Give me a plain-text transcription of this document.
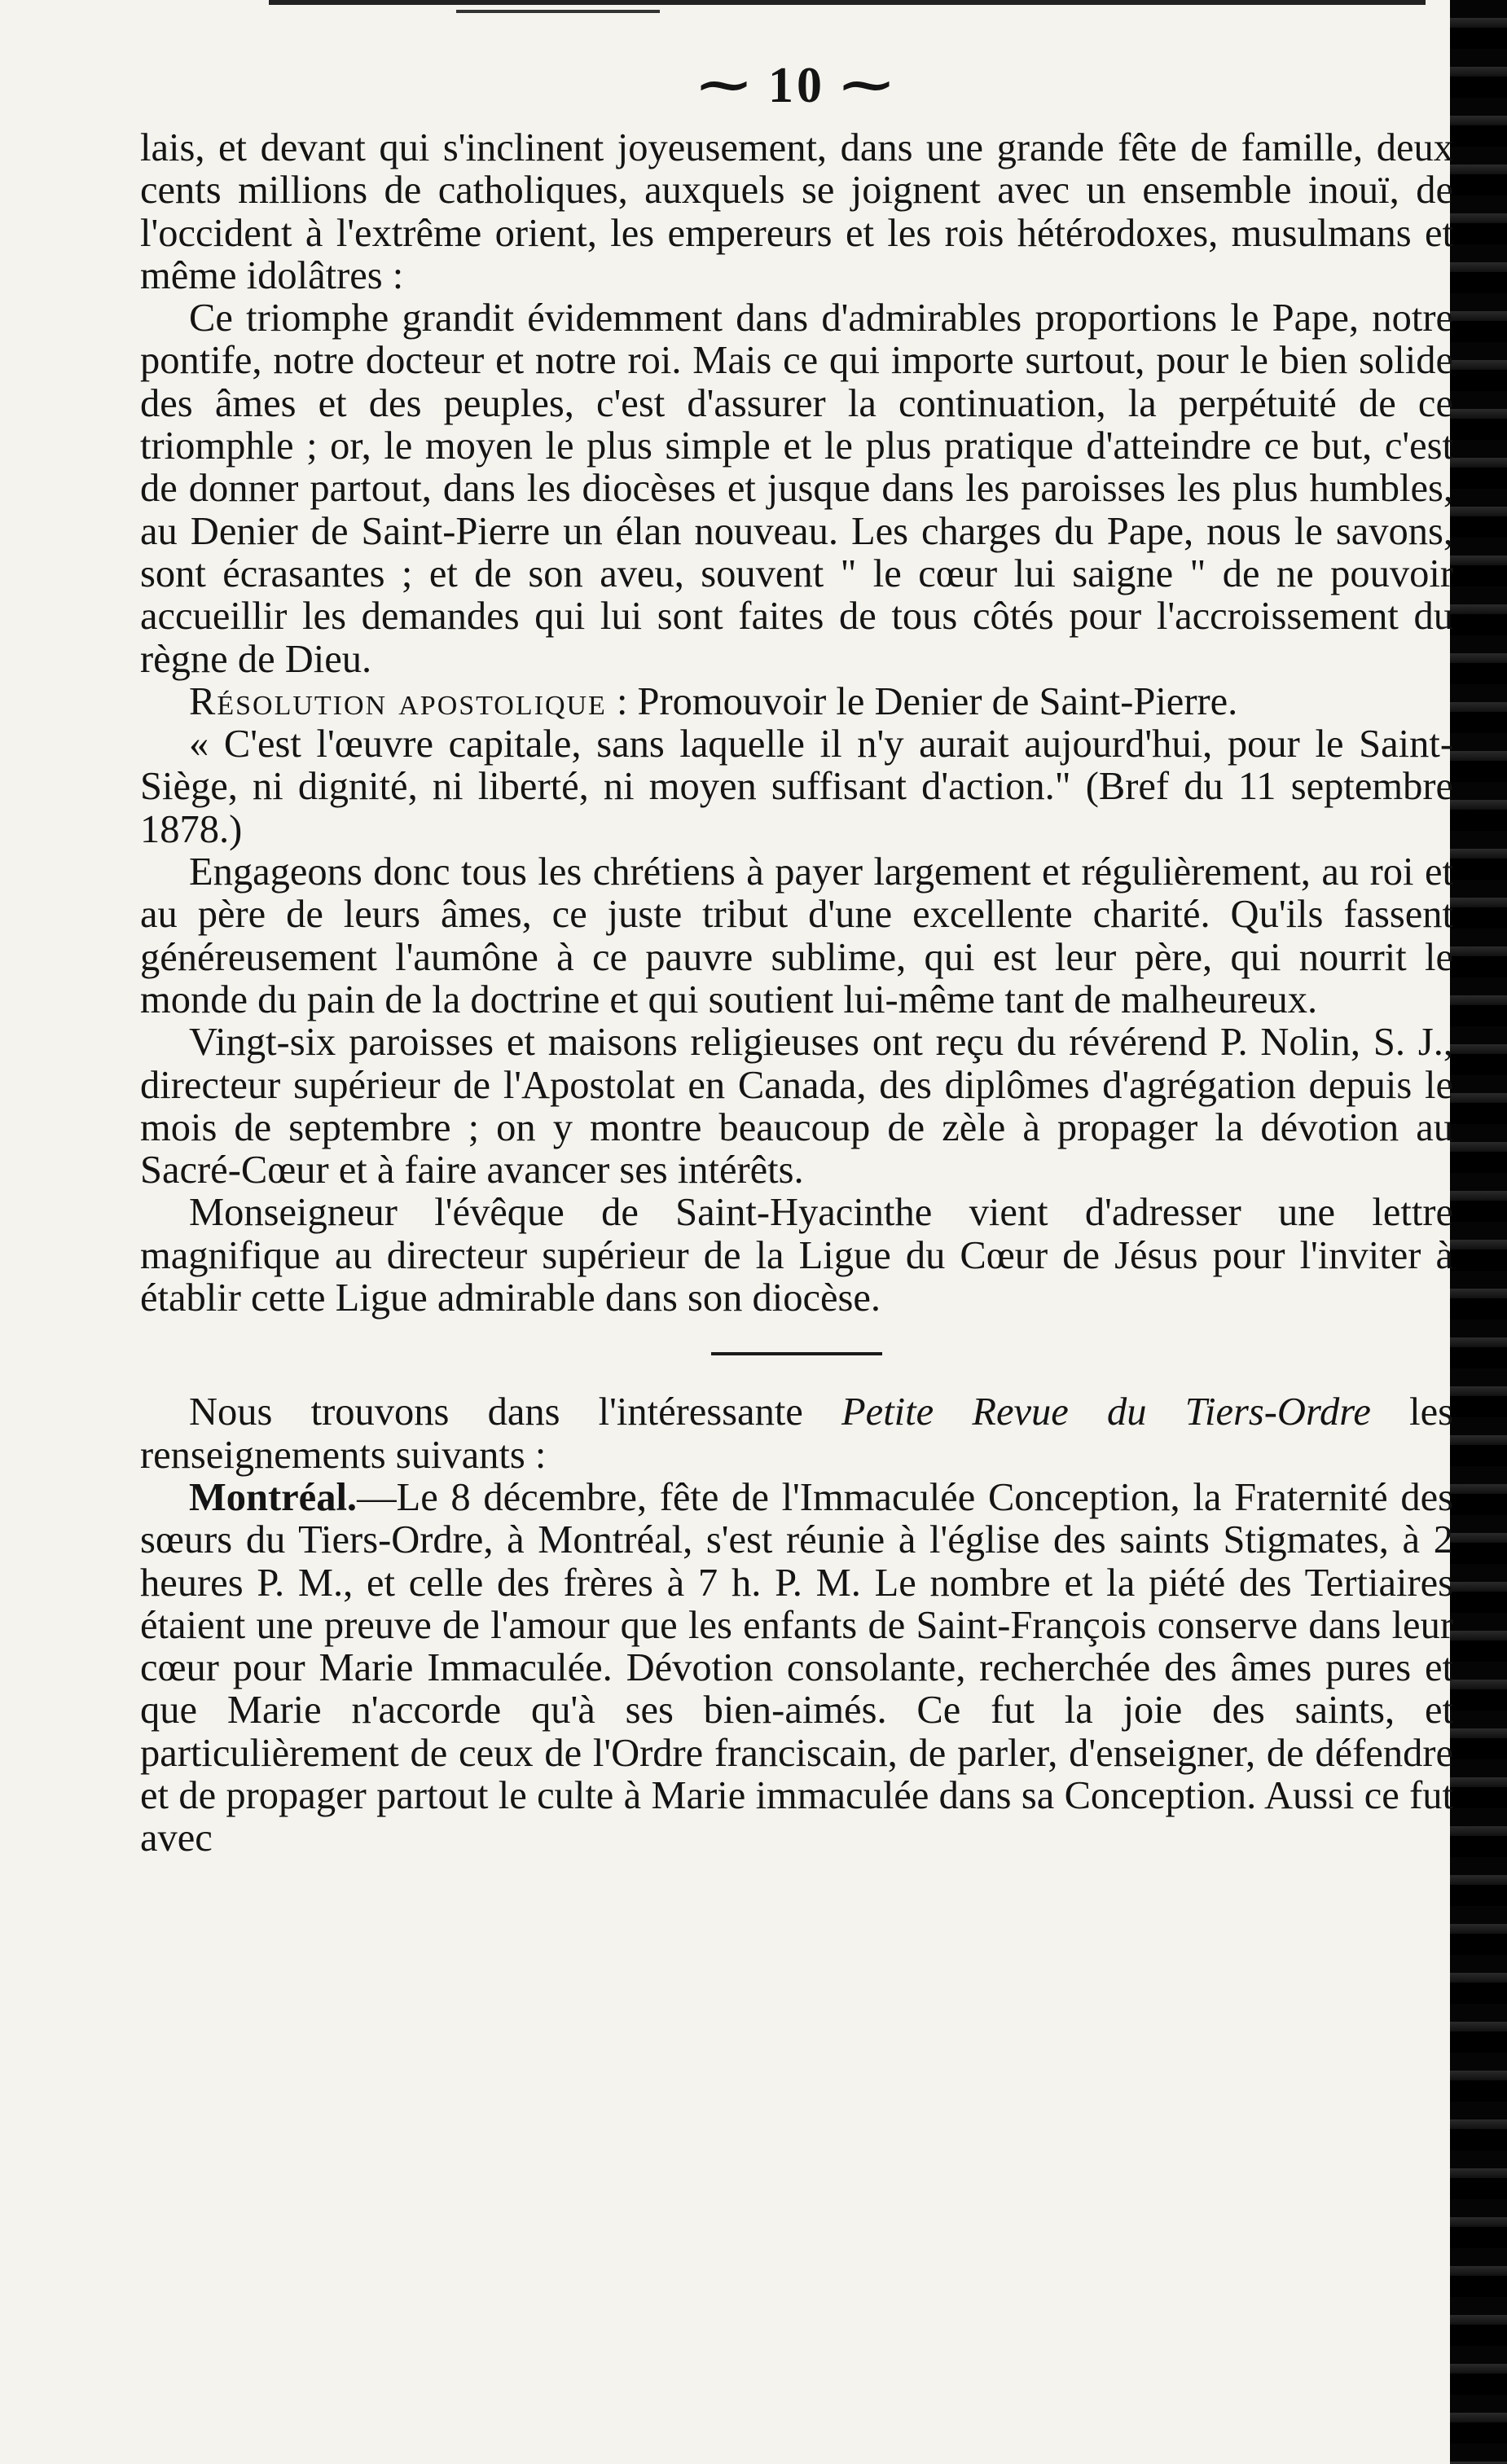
⁓ 10 ⁓

lais, et devant qui s'inclinent joyeusement, dans une grande fête de famille, deux cents millions de catholiques, auxquels se joignent avec un ensemble inouï, de l'occident à l'extrême orient, les empereurs et les rois hétérodoxes, musulmans et même idolâtres :

Ce triomphe grandit évidemment dans d'admirables proportions le Pape, notre pontife, notre docteur et notre roi. Mais ce qui importe surtout, pour le bien solide des âmes et des peuples, c'est d'assurer la continuation, la perpétuité de ce triomphle ; or, le moyen le plus simple et le plus pratique d'atteindre ce but, c'est de donner partout, dans les diocèses et jusque dans les paroisses les plus humbles, au Denier de Saint-Pierre un élan nouveau. Les charges du Pape, nous le savons, sont écrasantes ; et de son aveu, souvent " le cœur lui saigne " de ne pouvoir accueillir les demandes qui lui sont faites de tous côtés pour l'accroissement du règne de Dieu.

Résolution apostolique : Promouvoir le Denier de Saint-Pierre.

« C'est l'œuvre capitale, sans laquelle il n'y aurait aujourd'hui, pour le Saint-Siège, ni dignité, ni liberté, ni moyen suffisant d'action." (Bref du 11 septembre 1878.)

Engageons donc tous les chrétiens à payer largement et régulièrement, au roi et au père de leurs âmes, ce juste tribut d'une excellente charité. Qu'ils fassent généreusement l'aumône à ce pauvre sublime, qui est leur père, qui nourrit le monde du pain de la doctrine et qui soutient lui-même tant de malheureux.

Vingt-six paroisses et maisons religieuses ont reçu du révérend P. Nolin, S. J., directeur supérieur de l'Apostolat en Canada, des diplômes d'agrégation depuis le mois de septembre ; on y montre beaucoup de zèle à propager la dévotion au Sacré-Cœur et à faire avancer ses intérêts.

Monseigneur l'évêque de Saint-Hyacinthe vient d'adresser une lettre magnifique au directeur supérieur de la Ligue du Cœur de Jésus pour l'inviter à établir cette Ligue admirable dans son diocèse.

Nous trouvons dans l'intéressante Petite Revue du Tiers-Ordre les renseignements suivants :

Montréal.—Le 8 décembre, fête de l'Immaculée Conception, la Fraternité des sœurs du Tiers-Ordre, à Montréal, s'est réunie à l'église des saints Stigmates, à 2 heures P. M., et celle des frères à 7 h. P. M. Le nombre et la piété des Tertiaires étaient une preuve de l'amour que les enfants de Saint-François conserve dans leur cœur pour Marie Immaculée. Dévotion consolante, recherchée des âmes pures et que Marie n'accorde qu'à ses bien-aimés. Ce fut la joie des saints, et particulièrement de ceux de l'Ordre franciscain, de parler, d'enseigner, de défendre et de propager partout le culte à Marie immaculée dans sa Conception. Aussi ce fut avec
